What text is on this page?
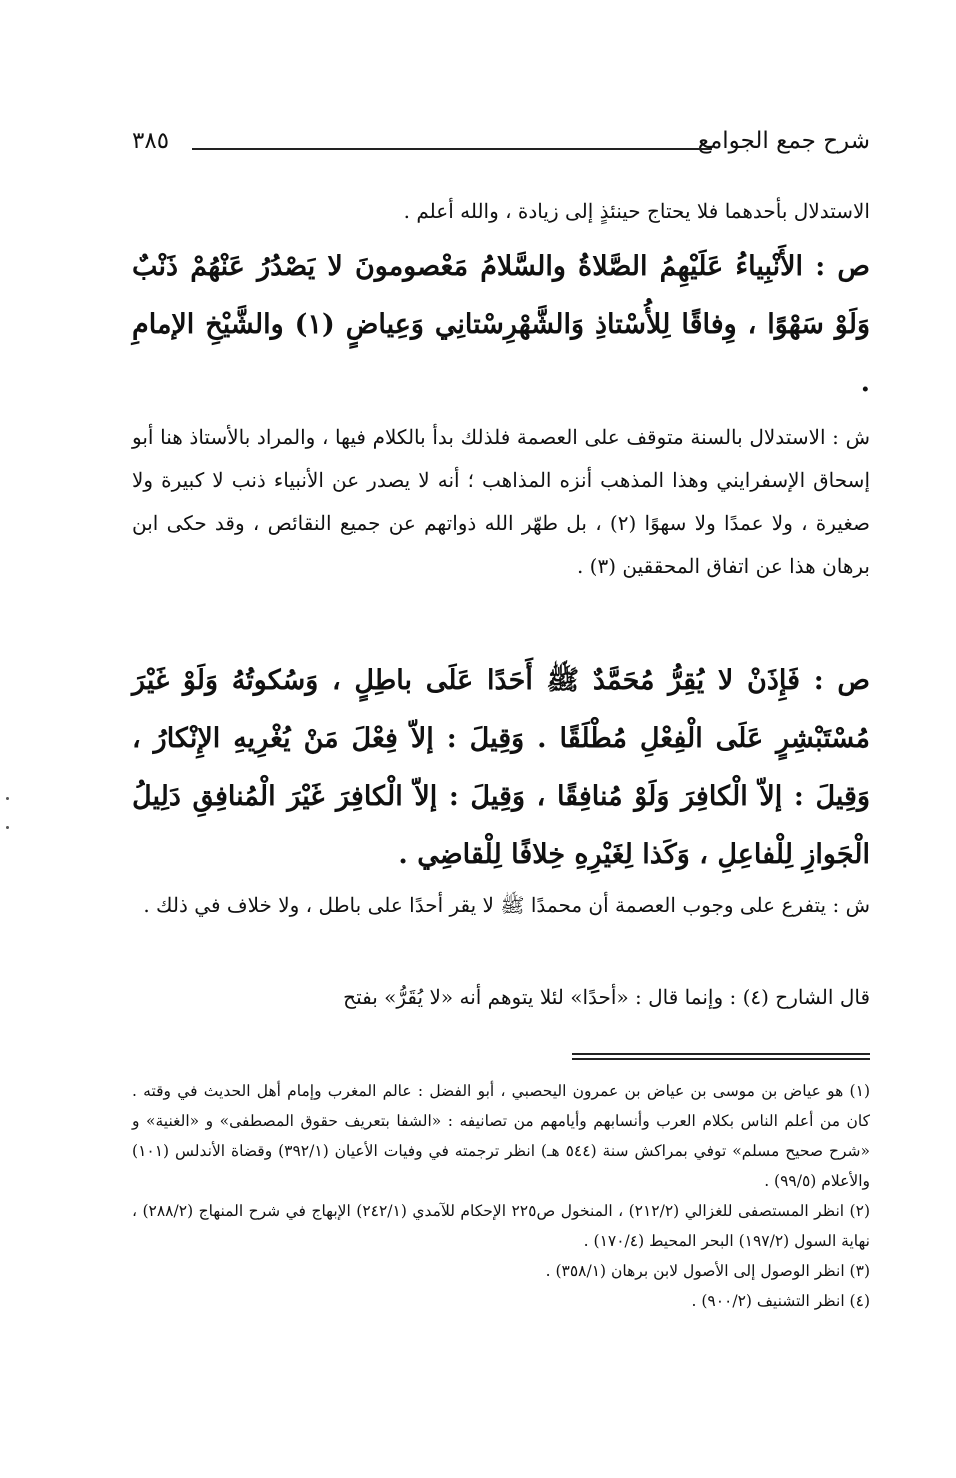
شرح جمع الجوامع
٣٨٥

الاستدلال بأحدهما فلا يحتاج حينئذٍ إلى زيادة ، والله أعلم .

ص : الأَنْبِياءُ عَلَيْهِمُ الصَّلاةُ والسَّلامُ مَعْصومونَ لا يَصْدُرُ عَنْهُمْ ذَنْبٌ وَلَوْ سَهْوًا ، وِفاقًا لِلأُسْتاذِ وَالشَّهْرِسْتانِي وَعِياضٍ (١) والشَّيْخِ الإمامِ .

ش : الاستدلال بالسنة متوقف على العصمة فلذلك بدأ بالكلام فيها ، والمراد بالأستاذ هنا أبو إسحاق الإسفرايني وهذا المذهب أنزه المذاهب ؛ أنه لا يصدر عن الأنبياء ذنب لا كبيرة ولا صغيرة ، ولا عمدًا ولا سهوًا (٢) ، بل طهّر الله ذواتهم عن جميع النقائص ، وقد حكى ابن برهان هذا عن اتفاق المحققين (٣) .

ص : فَإِذَنْ لا يُقِرُّ مُحَمَّدٌ ﷺ أَحَدًا عَلَى باطِلٍ ، وَسُكوتُهُ وَلَوْ غَيْرَ مُسْتَبْشِرٍ عَلَى الْفِعْلِ مُطْلَقًا . وَقِيلَ : إلاّ فِعْلَ مَنْ يُغْرِيهِ الإِنْكارُ ، وَقِيلَ : إلاّ الْكافِرَ وَلَوْ مُنافِقًا ، وَقِيلَ : إلاّ الْكافِرَ غَيْرَ الْمُنافِقِ دَلِيلُ الْجَوازِ لِلْفاعِلِ ، وَكَذا لِغَيْرِهِ خِلافًا لِلْقاضِي .

ش : يتفرع على وجوب العصمة أن محمدًا ﷺ لا يقر أحدًا على باطل ، ولا خلاف في ذلك .

قال الشارح (٤) : وإنما قال : «أحدًا» لئلا يتوهم أنه «لا يُقَرُّ» بفتح

(١) هو عياض بن موسى بن عياض بن عمرون اليحصبي ، أبو الفضل : عالم المغرب وإمام أهل الحديث في وقته . كان من أعلم الناس بكلام العرب وأنسابهم وأيامهم من تصانيفه : «الشفا بتعريف حقوق المصطفى» و «الغنية» و «شرح صحيح مسلم» توفي بمراكش سنة (٥٤٤ هـ) انظر ترجمته في وفيات الأعيان (٣٩٢/١) وقضاة الأندلس (١٠١) والأعلام (٩٩/٥) .

(٢) انظر المستصفى للغزالي (٢١٢/٢) ، المنخول ص٢٢٥ الإحكام للآمدي (٢٤٢/١) الإبهاج في شرح المنهاج (٢٨٨/٢) ، نهاية السول (١٩٧/٢) البحر المحيط (١٧٠/٤) .

(٣) انظر الوصول إلى الأصول لابن برهان (٣٥٨/١) .

(٤) انظر التشنيف (٩٠٠/٢) .
